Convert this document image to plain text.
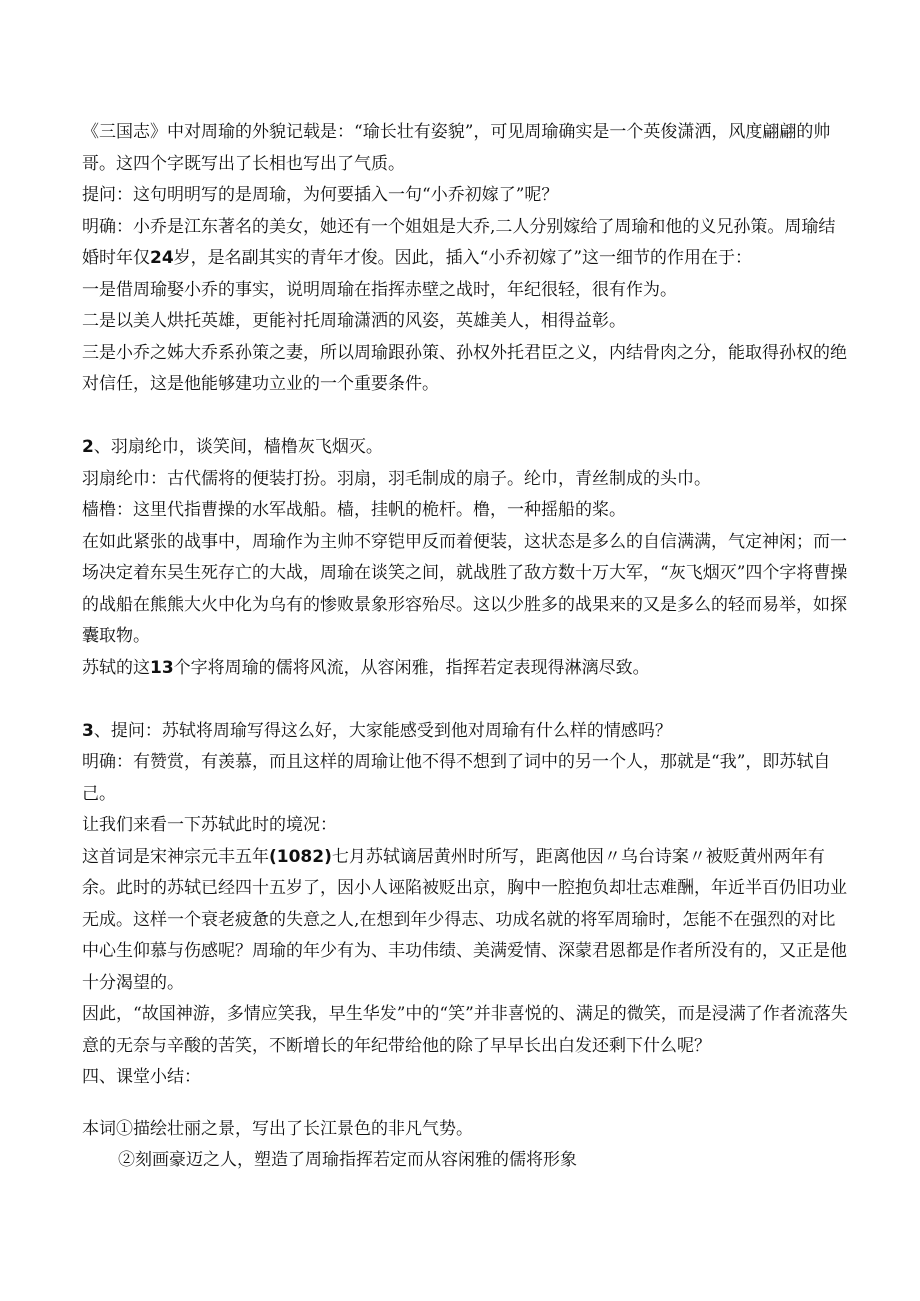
《三国志》中对周瑜的外貌记载是：“瑜长壮有姿貌”，可见周瑜确实是一个英俊潇洒，风度翩翩的帅哥。这四个字既写出了长相也写出了气质。

提问：这句明明写的是周瑜，为何要插入一句“小乔初嫁了”呢？

明确：小乔是江东著名的美女，她还有一个姐姐是大乔,二人分别嫁给了周瑜和他的义兄孙策。周瑜结婚时年仅24岁，是名副其实的青年才俊。因此，插入“小乔初嫁了”这一细节的作用在于：

一是借周瑜娶小乔的事实，说明周瑜在指挥赤壁之战时，年纪很轻，很有作为。

二是以美人烘托英雄，更能衬托周瑜潇洒的风姿，英雄美人，相得益彰。

三是小乔之姊大乔系孙策之妻，所以周瑜跟孙策、孙权外托君臣之义，内结骨肉之分，能取得孙权的绝对信任，这是他能够建功立业的一个重要条件。

2、羽扇纶巾，谈笑间，樯橹灰飞烟灭。

羽扇纶巾：古代儒将的便装打扮。羽扇，羽毛制成的扇子。纶巾，青丝制成的头巾。

樯橹：这里代指曹操的水军战船。樯，挂帆的桅杆。橹，一种摇船的桨。

在如此紧张的战事中，周瑜作为主帅不穿铠甲反而着便装，这状态是多么的自信满满，气定神闲；而一场决定着东吴生死存亡的大战，周瑜在谈笑之间，就战胜了敌方数十万大军，“灰飞烟灭”四个字将曹操的战船在熊熊大火中化为乌有的惨败景象形容殆尽。这以少胜多的战果来的又是多么的轻而易举，如探囊取物。

苏轼的这13个字将周瑜的儒将风流，从容闲雅，指挥若定表现得淋漓尽致。

3、提问：苏轼将周瑜写得这么好，大家能感受到他对周瑜有什么样的情感吗？

明确：有赞赏，有羡慕，而且这样的周瑜让他不得不想到了词中的另一个人，那就是“我”，即苏轼自己。

让我们来看一下苏轼此时的境况：

这首词是宋神宗元丰五年(1082)七月苏轼谪居黄州时所写，距离他因〃乌台诗案〃被贬黄州两年有余。此时的苏轼已经四十五岁了，因小人诬陷被贬出京，胸中一腔抱负却壮志难酬，年近半百仍旧功业无成。这样一个衰老疲惫的失意之人,在想到年少得志、功成名就的将军周瑜时，怎能不在强烈的对比中心生仰慕与伤感呢？周瑜的年少有为、丰功伟绩、美满爱情、深蒙君恩都是作者所没有的，又正是他十分渴望的。

因此，“故国神游，多情应笑我，早生华发”中的“笑”并非喜悦的、满足的微笑，而是浸满了作者流落失意的无奈与辛酸的苦笑，不断增长的年纪带给他的除了早早长出白发还剩下什么呢？

四、课堂小结：

本词①描绘壮丽之景，写出了长江景色的非凡气势。

②刻画豪迈之人，塑造了周瑜指挥若定而从容闲雅的儒将形象
